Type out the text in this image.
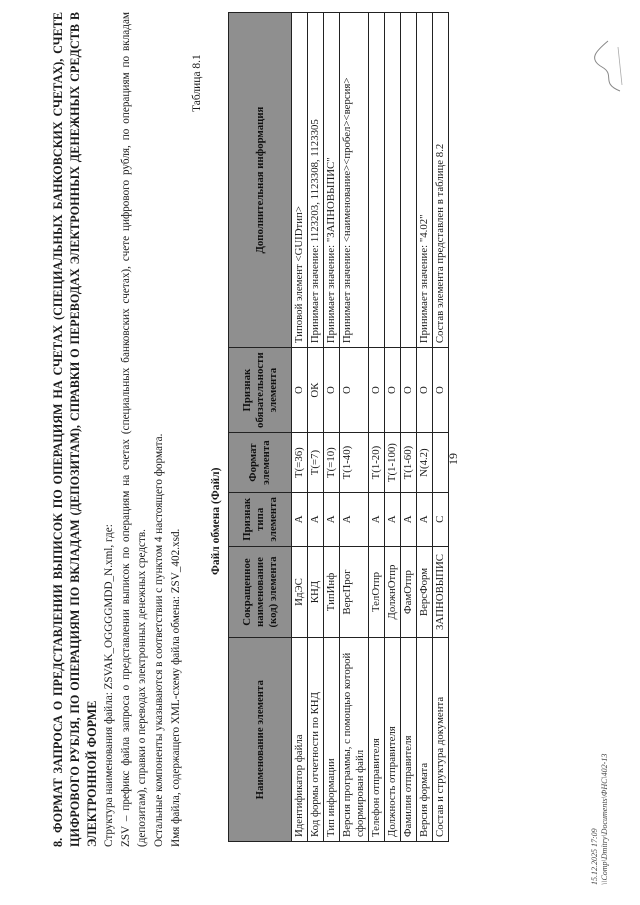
19
8. ФОРМАТ ЗАПРОСА О ПРЕДСТАВЛЕНИИ ВЫПИСОК ПО ОПЕРАЦИЯМ НА СЧЕТАХ (СПЕЦИАЛЬНЫХ БАНКОВСКИХ СЧЕТАХ), СЧЕТЕ ЦИФРОВОГО РУБЛЯ, ПО ОПЕРАЦИЯМ ПО ВКЛАДАМ (ДЕПОЗИТАМ), СПРАВКИ О ПЕРЕВОДАХ ЭЛЕКТРОННЫХ ДЕНЕЖНЫХ СРЕДСТВ В ЭЛЕКТРОННОЙ ФОРМЕ Структура наименования файла: ZSVAK_OGGGGMDD_N.xml, где: ZSV – префикс файла запроса о представлении выписок по операциям на счетах (специальных банковских счетах), счете цифрового рубля, по операциям по вкладам (депозитам), справки о переводах электронных денежных средств. Остальные компоненты указываются в соответствии с пунктом 4 настоящего формата. Имя файла, содержащего XML-схему файла обмена: ZSV_402.xsd.
Таблица 8.1
Файл обмена (Файл)
Наименование элемента	Сокращенное наименование (код) элемента	Признак типа элемента	Формат элемента	Признак обязательности элемента	Дополнительная информация
Идентификатор файла	ИдЭС	А	T(=36)	О	Типовой элемент <GUIDтип>
Код формы отчетности по КНД	КНД	А	T(=7)	ОК	Принимает значение: 1123203, 1123308, 1123305
Тип информации	ТипИнф	А	T(=10)	О	Принимает значение: "ЗАПНОВЫПИС"
Версия программы, с помощью которой сформирован файл	ВерсПрог	А	T(1-40)	О	Принимает значение: <наименование><пробел><версия>
Телефон отправителя	ТелОтпр	А	T(1-20)	О	
Должность отправителя	ДолжнОтпр	А	T(1-100)	О	
Фамилия отправителя	ФамОтпр	А	T(1-60)	О	
Версия формата	ВерсФорм	А	N(4.2)	О	Принимает значение: "4.02"
Состав и структура документа	ЗАПНОВЫПИС	С		О	Состав элемента представлен в таблице 8.2
15.12.2025 17:09 \\Comp\Dmitry\Documents\ФНС\402-13
